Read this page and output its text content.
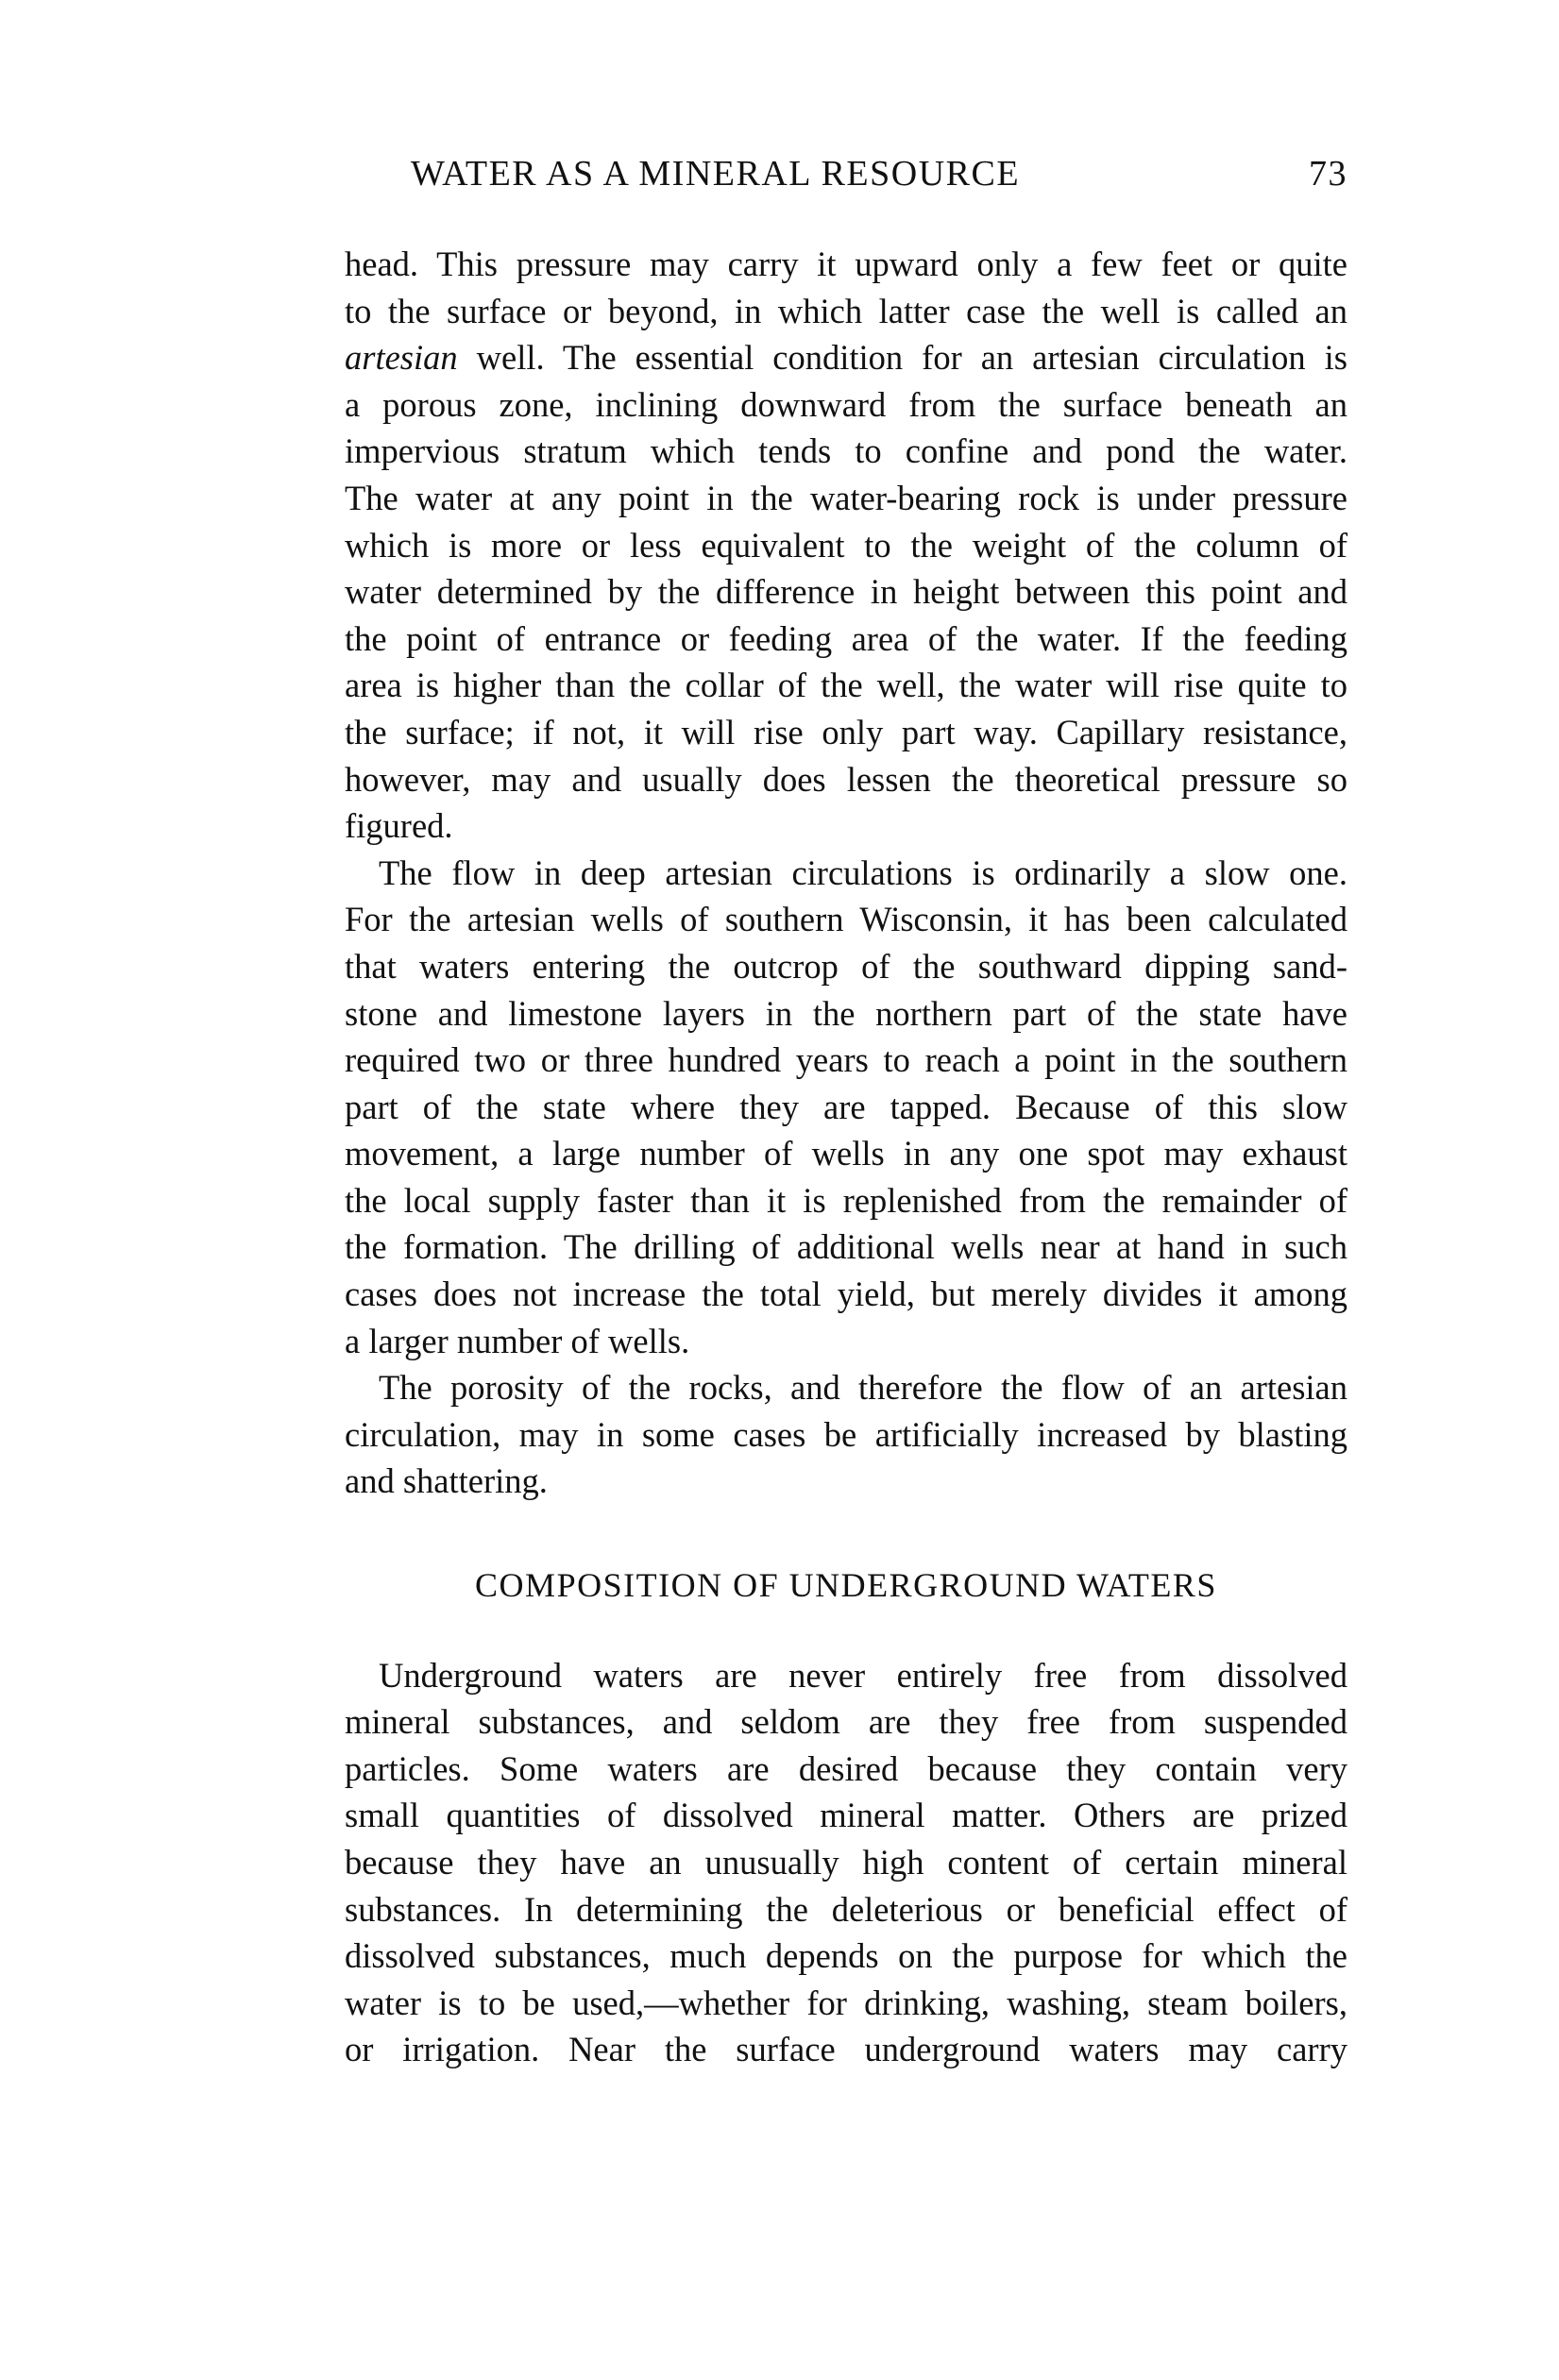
WATER AS A MINERAL RESOURCE	73
head. This pressure may carry it upward only a few feet or quite
to the surface or beyond, in which latter case the well is called an
artesian well. The essential condition for an artesian circulation is
a porous zone, inclining downward from the surface beneath an
impervious stratum which tends to confine and pond the water.
The water at any point in the water-bearing rock is under pressure
which is more or less equivalent to the weight of the column of
water determined by the difference in height between this point and
the point of entrance or feeding area of the water. If the feeding
area is higher than the collar of the well, the water will rise quite to
the surface; if not, it will rise only part way. Capillary resistance,
however, may and usually does lessen the theoretical pressure so
figured.
The flow in deep artesian circulations is ordinarily a slow one.
For the artesian wells of southern Wisconsin, it has been calculated
that waters entering the outcrop of the southward dipping sand-
stone and limestone layers in the northern part of the state have
required two or three hundred years to reach a point in the southern
part of the state where they are tapped. Because of this slow
movement, a large number of wells in any one spot may exhaust
the local supply faster than it is replenished from the remainder of
the formation. The drilling of additional wells near at hand in such
cases does not increase the total yield, but merely divides it among
a larger number of wells.
The porosity of the rocks, and therefore the flow of an artesian
circulation, may in some cases be artificially increased by blasting
and shattering.
COMPOSITION OF UNDERGROUND WATERS
Underground waters are never entirely free from dissolved
mineral substances, and seldom are they free from suspended
particles. Some waters are desired because they contain very
small quantities of dissolved mineral matter. Others are prized
because they have an unusually high content of certain mineral
substances. In determining the deleterious or beneficial effect of
dissolved substances, much depends on the purpose for which the
water is to be used,—whether for drinking, washing, steam boilers,
or irrigation. Near the surface underground waters may carry
